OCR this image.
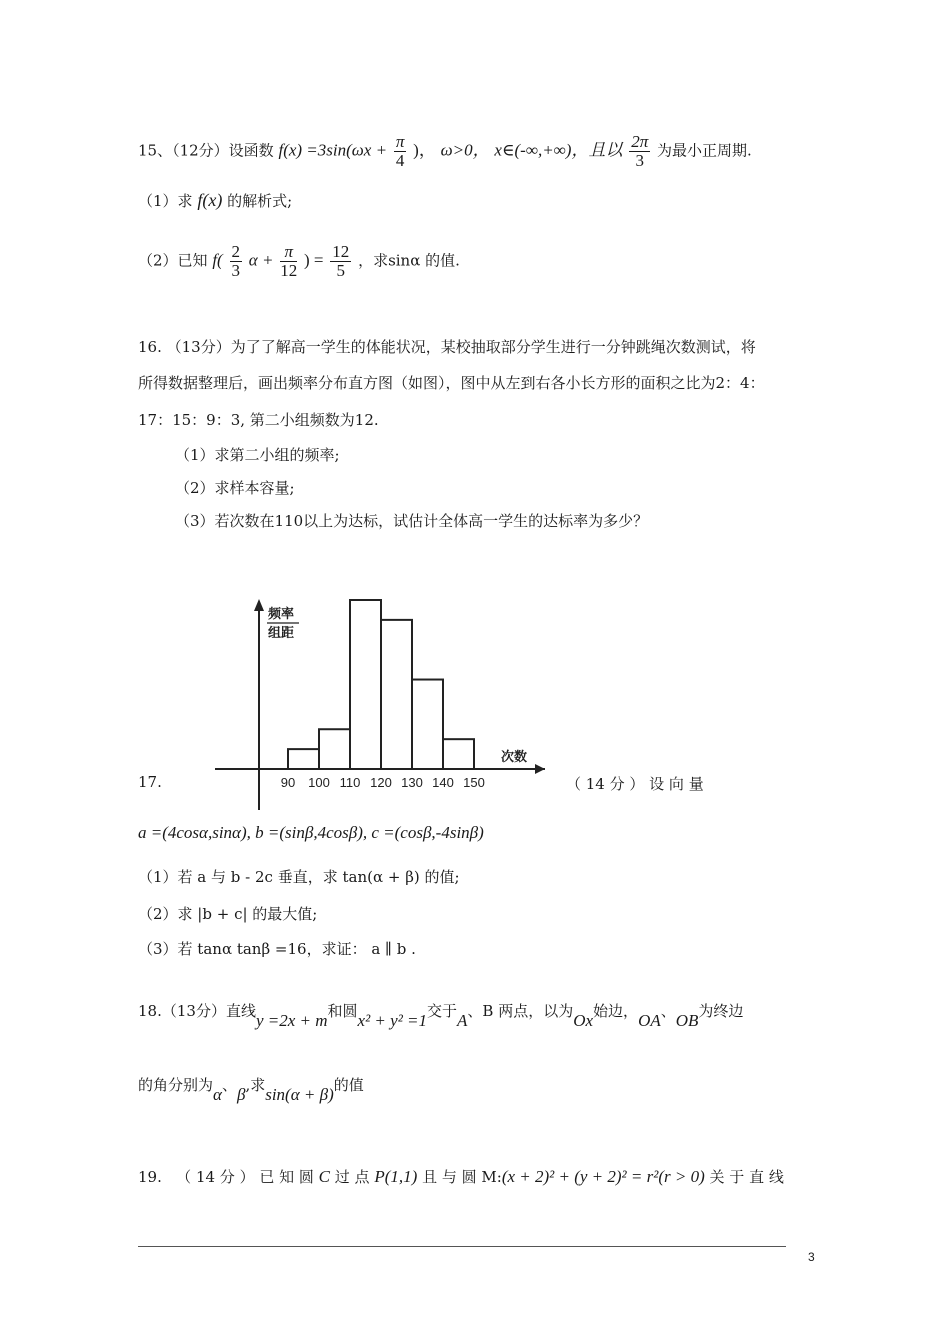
15、（12分）设函数 $f(x) =3\sin(\omega x + \frac{\pi}{4}$ )， ω>0， x∈(-∞,+∞)，且以 $\frac{2\pi}{3}$ 为最小正周期.
（1）求 f(x) 的解析式;
（2）已知 $f( \frac{2}{3}$ $\alpha + \frac{\pi}{12}$ ) = $\frac{12}{5}$ ，求sinα 的值.
16. （13分）为了了解高一学生的体能状况，某校抽取部分学生进行一分钟跳绳次数测试，将
所得数据整理后，画出频率分布直方图（如图），图中从左到右各小长方形的面积之比为2：4：
17：15：9：3, 第二小组频数为12.
（1）求第二小组的频率;
（2）求样本容量;
（3）若次数在110以上为达标，试估计全体高一学生的达标率为多少？
90 100 110 120 130 140 150
频率
组距
次数
17.	（ 14 分 ） 设 向 量
a =(4cosα,sinα), b =(sinβ,4cosβ), c =(cosβ,-4sinβ)
（1）若 a 与 b - 2c 垂直，求 tan(α + β) 的值;
（2）求 |b + c| 的最大值;
（3）若 tanα tanβ =16，求证： a ∥ b .
18.（13分）直线y =2x + m和圆x² + y² =1交于A、B 两点，以为Ox始边，OA、OB为终边
的角分别为α、β,求sin(α + β)的值
19. （ 14 分 ） 已 知 圆 C 过 点 P(1,1) 且 与 圆 M:(x + 2)² + (y + 2)² = r²(r > 0) 关 于 直 线
3
